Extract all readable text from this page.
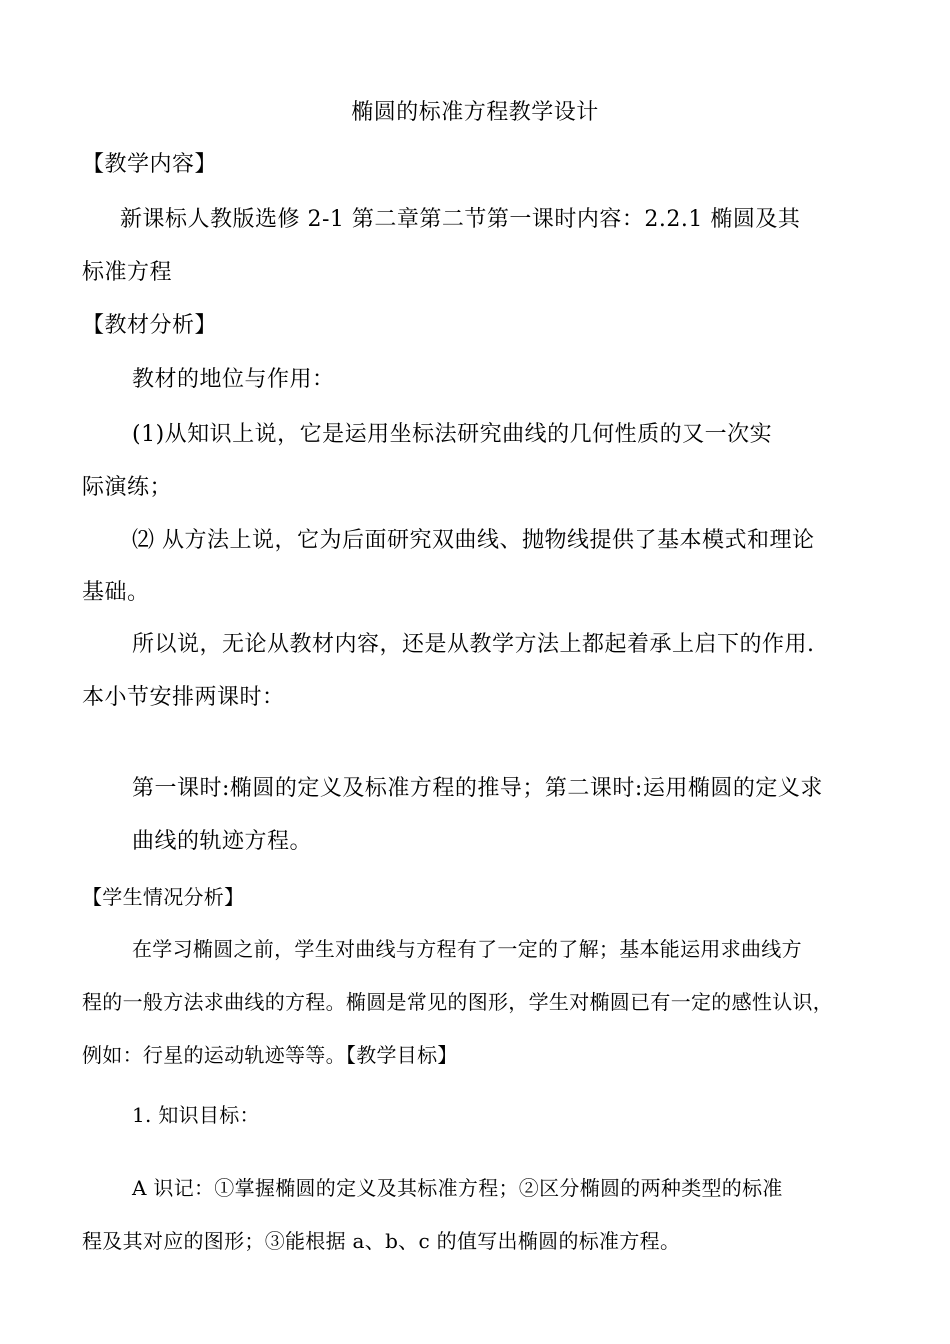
椭圆的标准方程教学设计
【教学内容】
新课标人教版选修 2-1 第二章第二节第一课时内容：2.2.1 椭圆及其
标准方程
【教材分析】
教材的地位与作用：
(1)从知识上说，它是运用坐标法研究曲线的几何性质的又一次实
际演练；
⑵ 从方法上说，它为后面研究双曲线、抛物线提供了基本模式和理论
基础。
所以说，无论从教材内容，还是从教学方法上都起着承上启下的作用.
本小节安排两课时：
第一课时:椭圆的定义及标准方程的推导；第二课时:运用椭圆的定义求
曲线的轨迹方程。
【学生情况分析】
在学习椭圆之前，学生对曲线与方程有了一定的了解；基本能运用求曲线方
程的一般方法求曲线的方程。椭圆是常见的图形，学生对椭圆已有一定的感性认识，
例如：行星的运动轨迹等等。【教学目标】
1. 知识目标：
A 识记：①掌握椭圆的定义及其标准方程；②区分椭圆的两种类型的标准
程及其对应的图形；③能根据 a、b、c 的值写出椭圆的标准方程。
